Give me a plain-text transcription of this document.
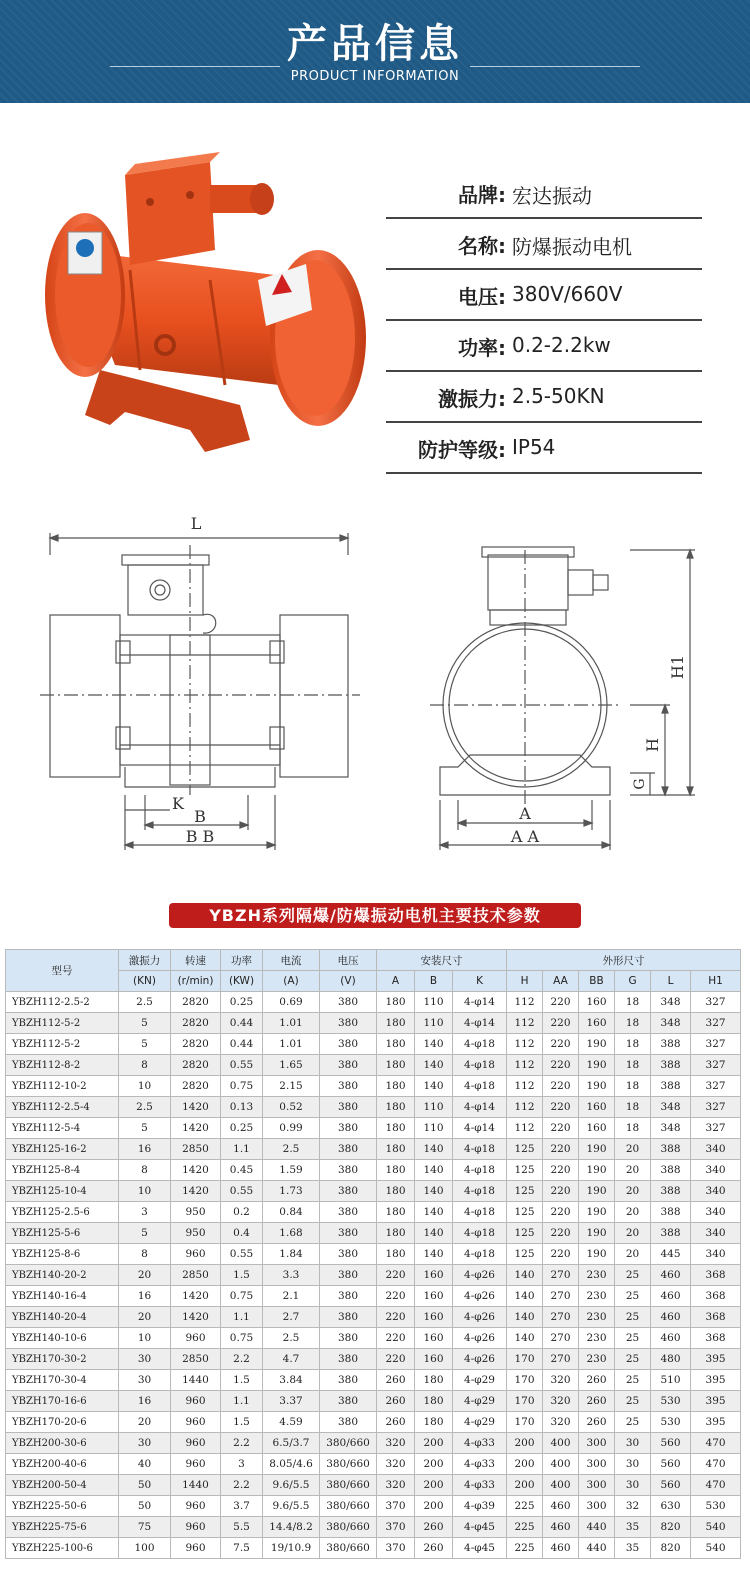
产品信息
PRODUCT INFORMATION
品牌: 宏达振动
名称: 防爆振动电机
电压: 380V/660V
功率: 0.2-2.2kw
激振力: 2.5-50KN
防护等级: IP54
L
K
B
B B
H1
H
G
A
A A
YBZH系列隔爆/防爆振动电机主要技术参数
型号	激振力	转速	功率	电流	电压	安装尺寸			外形尺寸					
	(KN)	(r/min)	(KW)	(A)	(V)	A	B	K	H	AA	BB	G	L	H1
YBZH112-2.5-2	2.5	2820	0.25	0.69	380	180	110	4-φ14	112	220	160	18	348	327
YBZH112-5-2	5	2820	0.44	1.01	380	180	110	4-φ14	112	220	160	18	348	327
YBZH112-5-2	5	2820	0.44	1.01	380	180	140	4-φ18	112	220	190	18	388	327
YBZH112-8-2	8	2820	0.55	1.65	380	180	140	4-φ18	112	220	190	18	388	327
YBZH112-10-2	10	2820	0.75	2.15	380	180	140	4-φ18	112	220	190	18	388	327
YBZH112-2.5-4	2.5	1420	0.13	0.52	380	180	110	4-φ14	112	220	160	18	348	327
YBZH112-5-4	5	1420	0.25	0.99	380	180	110	4-φ14	112	220	160	18	348	327
YBZH125-16-2	16	2850	1.1	2.5	380	180	140	4-φ18	125	220	190	20	388	340
YBZH125-8-4	8	1420	0.45	1.59	380	180	140	4-φ18	125	220	190	20	388	340
YBZH125-10-4	10	1420	0.55	1.73	380	180	140	4-φ18	125	220	190	20	388	340
YBZH125-2.5-6	3	950	0.2	0.84	380	180	140	4-φ18	125	220	190	20	388	340
YBZH125-5-6	5	950	0.4	1.68	380	180	140	4-φ18	125	220	190	20	388	340
YBZH125-8-6	8	960	0.55	1.84	380	180	140	4-φ18	125	220	190	20	445	340
YBZH140-20-2	20	2850	1.5	3.3	380	220	160	4-φ26	140	270	230	25	460	368
YBZH140-16-4	16	1420	0.75	2.1	380	220	160	4-φ26	140	270	230	25	460	368
YBZH140-20-4	20	1420	1.1	2.7	380	220	160	4-φ26	140	270	230	25	460	368
YBZH140-10-6	10	960	0.75	2.5	380	220	160	4-φ26	140	270	230	25	460	368
YBZH170-30-2	30	2850	2.2	4.7	380	220	160	4-φ26	170	270	230	25	480	395
YBZH170-30-4	30	1440	1.5	3.84	380	260	180	4-φ29	170	320	260	25	510	395
YBZH170-16-6	16	960	1.1	3.37	380	260	180	4-φ29	170	320	260	25	530	395
YBZH170-20-6	20	960	1.5	4.59	380	260	180	4-φ29	170	320	260	25	530	395
YBZH200-30-6	30	960	2.2	6.5/3.7	380/660	320	200	4-φ33	200	400	300	30	560	470
YBZH200-40-6	40	960	3	8.05/4.6	380/660	320	200	4-φ33	200	400	300	30	560	470
YBZH200-50-4	50	1440	2.2	9.6/5.5	380/660	320	200	4-φ33	200	400	300	30	560	470
YBZH225-50-6	50	960	3.7	9.6/5.5	380/660	370	200	4-φ39	225	460	300	32	630	530
YBZH225-75-6	75	960	5.5	14.4/8.2	380/660	370	260	4-φ45	225	460	440	35	820	540
YBZH225-100-6	100	960	7.5	19/10.9	380/660	370	260	4-φ45	225	460	440	35	820	540
